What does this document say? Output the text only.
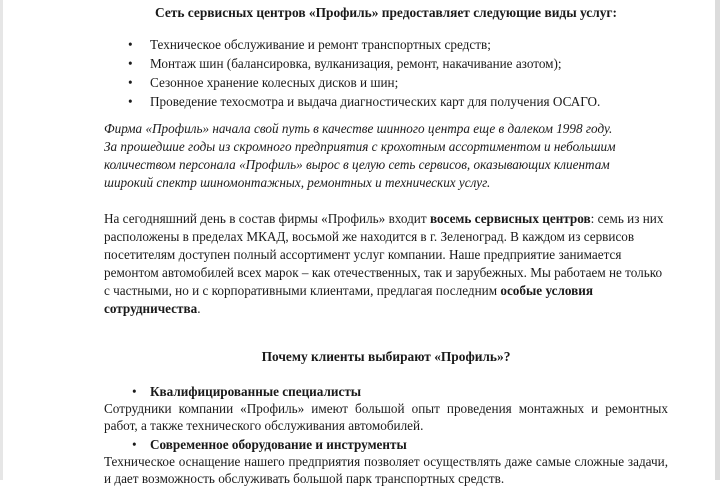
Сеть сервисных центров «Профиль» предоставляет следующие виды услуг:
• Техническое обслуживание и ремонт транспортных средств;
• Монтаж шин (балансировка, вулканизация, ремонт, накачивание азотом);
• Сезонное хранение колесных дисков и шин;
• Проведение техосмотра и выдача диагностических карт для получения ОСАГО.

Фирма «Профиль» начала свой путь в качестве шинного центра еще в далеком 1998 году.
За прошедшие годы из скромного предприятия с крохотным ассортиментом и небольшим
количеством персонала «Профиль» вырос в целую сеть сервисов, оказывающих клиентам
широкий спектр шиномонтажных, ремонтных и технических услуг.

На сегодняшний день в состав фирмы «Профиль» входит восемь сервисных центров: семь из них расположены в пределах МКАД, восьмой же находится в г. Зеленоград. В каждом из сервисов посетителям доступен полный ассортимент услуг компании. Наше предприятие занимается ремонтом автомобилей всех марок – как отечественных, так и зарубежных. Мы работаем не только с частными, но и с корпоративными клиентами, предлагая последним особые условия сотрудничества.

Почему клиенты выбирают «Профиль»?
• Квалифицированные специалисты

Сотрудники компании «Профиль» имеют большой опыт проведения монтажных и ремонтных работ, а также технического обслуживания автомобилей.

• Современное оборудование и инструменты

Техническое оснащение нашего предприятия позволяет осуществлять даже самые сложные задачи, и дает возможность обслуживать большой парк транспортных средств.
